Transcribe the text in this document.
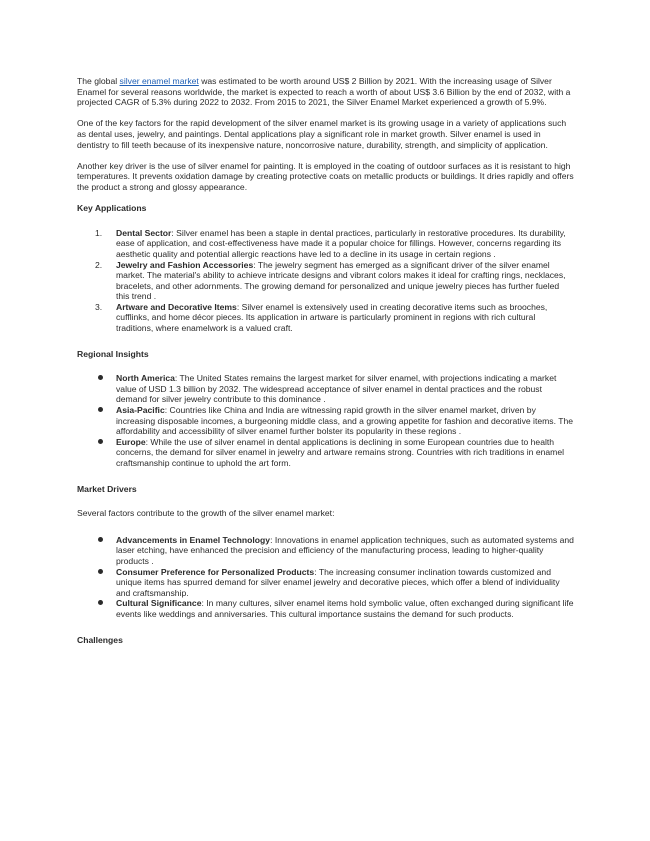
The global silver enamel market was estimated to be worth around US$ 2 Billion by 2021. With the increasing usage of Silver Enamel for several reasons worldwide, the market is expected to reach a worth of about US$ 3.6 Billion by the end of 2032, with a projected CAGR of 5.3% during 2022 to 2032. From 2015 to 2021, the Silver Enamel Market experienced a growth of 5.9%.

One of the key factors for the rapid development of the silver enamel market is its growing usage in a variety of applications such as dental uses, jewelry, and paintings. Dental applications play a significant role in market growth. Silver enamel is used in dentistry to fill teeth because of its inexpensive nature, noncorrosive nature, durability, strength, and simplicity of application.

Another key driver is the use of silver enamel for painting. It is employed in the coating of outdoor surfaces as it is resistant to high temperatures. It prevents oxidation damage by creating protective coats on metallic products or buildings. It dries rapidly and offers the product a strong and glossy appearance.

Key Applications
1.	Dental Sector: Silver enamel has been a staple in dental practices, particularly in restorative procedures. Its durability, ease of application, and cost-effectiveness have made it a popular choice for fillings. However, concerns regarding its aesthetic quality and potential allergic reactions have led to a decline in its usage in certain regions .
2.	Jewelry and Fashion Accessories: The jewelry segment has emerged as a significant driver of the silver enamel market. The material's ability to achieve intricate designs and vibrant colors makes it ideal for crafting rings, necklaces, bracelets, and other adornments. The growing demand for personalized and unique jewelry pieces has further fueled this trend .
3.	Artware and Decorative Items: Silver enamel is extensively used in creating decorative items such as brooches, cufflinks, and home décor pieces. Its application in artware is particularly prominent in regions with rich cultural traditions, where enamelwork is a valued craft.
Regional Insights
North America: The United States remains the largest market for silver enamel, with projections indicating a market value of USD 1.3 billion by 2032. The widespread acceptance of silver enamel in dental practices and the robust demand for silver jewelry contribute to this dominance .
Asia-Pacific: Countries like China and India are witnessing rapid growth in the silver enamel market, driven by increasing disposable incomes, a burgeoning middle class, and a growing appetite for fashion and decorative items. The affordability and accessibility of silver enamel further bolster its popularity in these regions .
Europe: While the use of silver enamel in dental applications is declining in some European countries due to health concerns, the demand for silver enamel in jewelry and artware remains strong. Countries with rich traditions in enamel craftsmanship continue to uphold the art form.
Market Drivers

Several factors contribute to the growth of the silver enamel market:

Advancements in Enamel Technology: Innovations in enamel application techniques, such as automated systems and laser etching, have enhanced the precision and efficiency of the manufacturing process, leading to higher-quality products .
Consumer Preference for Personalized Products: The increasing consumer inclination towards customized and unique items has spurred demand for silver enamel jewelry and decorative pieces, which offer a blend of individuality and craftsmanship.
Cultural Significance: In many cultures, silver enamel items hold symbolic value, often exchanged during significant life events like weddings and anniversaries. This cultural importance sustains the demand for such products.
Challenges
